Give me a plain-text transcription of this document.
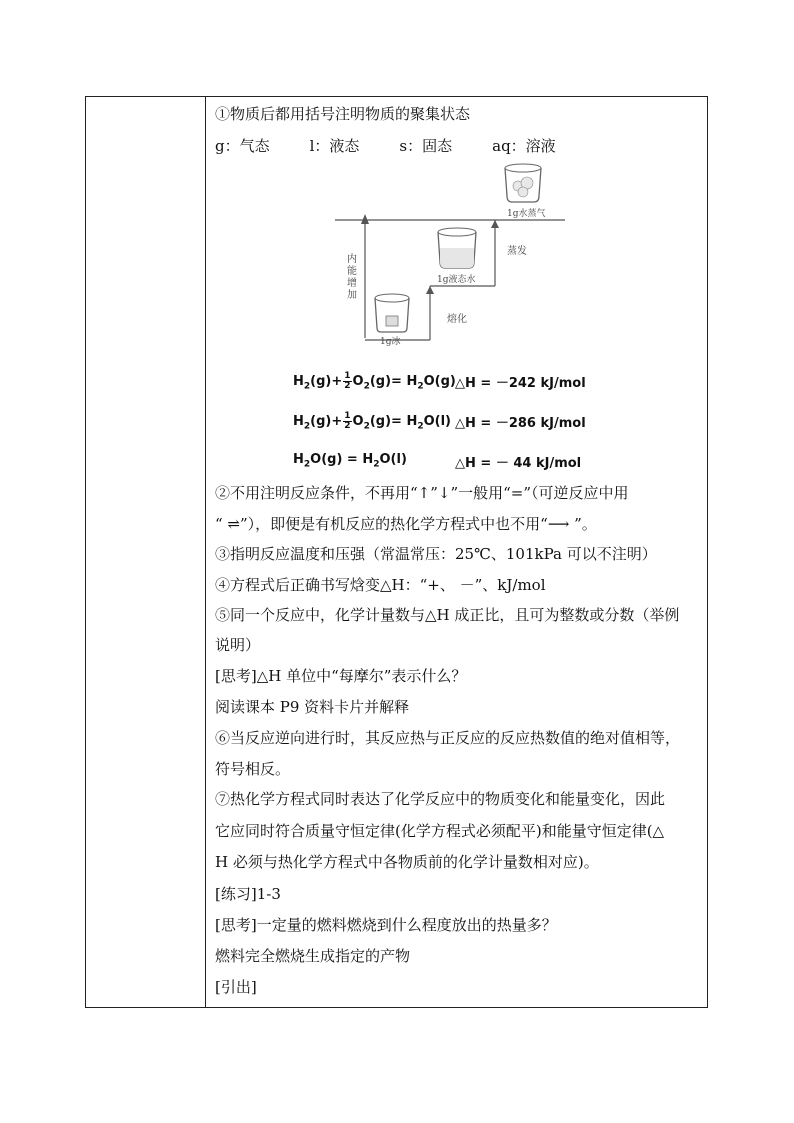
①物质后都用括号注明物质的聚集状态
g：气态	l：液态	s：固态	aq：溶液
1g水蒸气
1g液态水
1g冰
内
能
增
加
蒸发
熔化
$H_2(g)+ \frac{1}{2} O_2(g)= H_2O(g)$ △H = －242 kJ/mol
$H_2(g)+ \frac{1}{2} O_2(g)= H_2O(l)$ △H = －286 kJ/mol
$H_2O(g) = H_2O(l)$	△H = － 44 kJ/mol
②不用注明反应条件，不再用“↑”↓”一般用“=”（可逆反应中用
“ ⇌”），即便是有机反应的热化学方程式中也不用“⟶ ”。
③指明反应温度和压强（常温常压：25℃、101kPa 可以不注明）
④方程式后正确书写焓变△H：“+、 －”、kJ/mol
⑤同一个反应中，化学计量数与△H 成正比，且可为整数或分数（举例
说明）
[思考]△H 单位中“每摩尔”表示什么？
阅读课本 P9 资料卡片并解释
⑥当反应逆向进行时，其反应热与正反应的反应热数值的绝对值相等，
符号相反。
⑦热化学方程式同时表达了化学反应中的物质变化和能量变化，因此
它应同时符合质量守恒定律(化学方程式必须配平)和能量守恒定律(△
H 必须与热化学方程式中各物质前的化学计量数相对应)。
[练习]1-3
[思考]一定量的燃料燃烧到什么程度放出的热量多？
燃料完全燃烧生成指定的产物
[引出]
